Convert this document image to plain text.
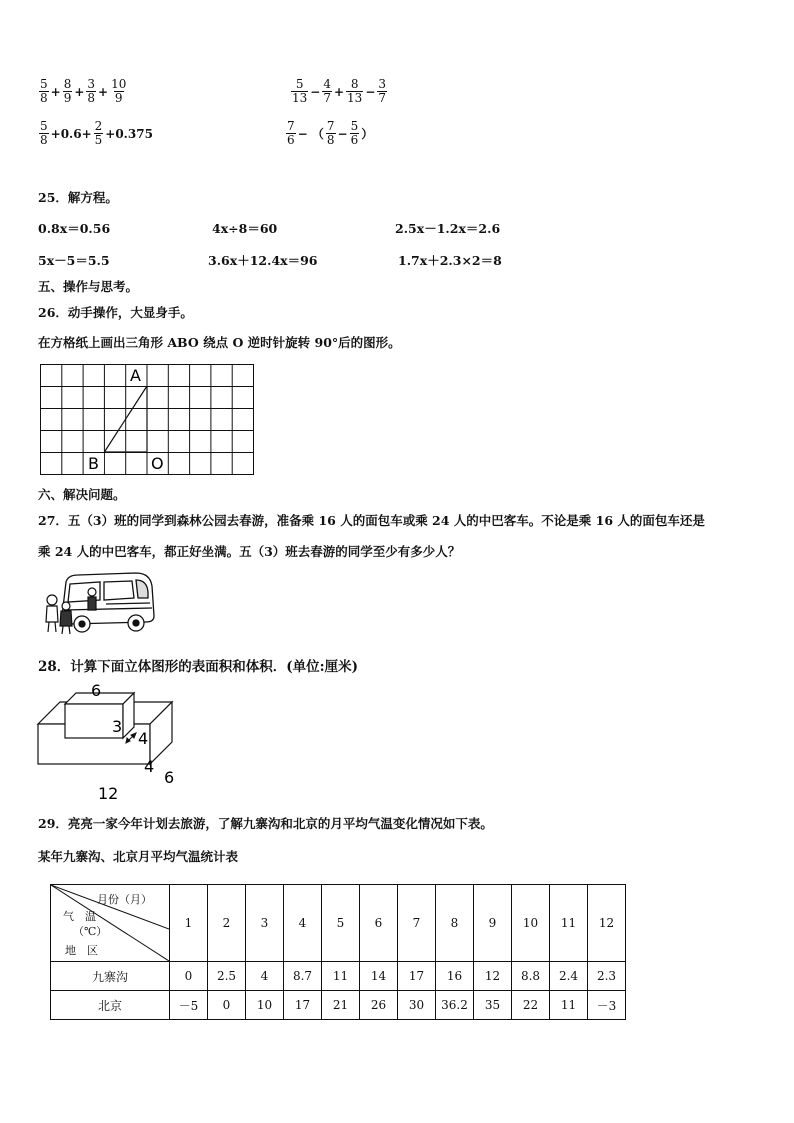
$\frac{5}{8} + \frac{8}{9} + \frac{3}{8} + \frac{10}{9}$	$\frac{5}{13} - \frac{4}{7} + \frac{8}{13} - \frac{3}{7}$
$\frac{5}{8} +0.6+ \frac{2}{5} +0.375$	$\frac{7}{6}$ − （ $\frac{7}{8} - \frac{5}{6}$ ）
25．解方程。
0.8x＝0.56	4x÷8＝60	2.5x－1.2x＝2.6
5x－5＝5.5	3.6x＋12.4x＝96	1.7x＋2.3×2＝8
五、操作与思考。
26．动手操作，大显身手。
在方格纸上画出三角形 ABO 绕点 O 逆时针旋转 90°后的图形。
A
B	O
六、解决问题。
27．五（3）班的同学到森林公园去春游，准备乘 16 人的面包车或乘 24 人的中巴客车。不论是乘 16 人的面包车还是
乘 24 人的中巴客车，都正好坐满。五（3）班去春游的同学至少有多少人？
28．计算下面立体图形的表面积和体积．(单位:厘米)
6
3
4
4
6
12
29．亮亮一家今年计划去旅游，了解九寨沟和北京的月平均气温变化情况如下表。
某年九寨沟、北京月平均气温统计表
月份（月）
气　温
（℃）
地　区	1	2	3	4	5	6	7	8	9	10	11	12
九寨沟	0	2.5	4	8.7	11	14	17	16	12	8.8	2.4	2.3
北京	－5	0	10	17	21	26	30	36.2	35	22	11	－3
